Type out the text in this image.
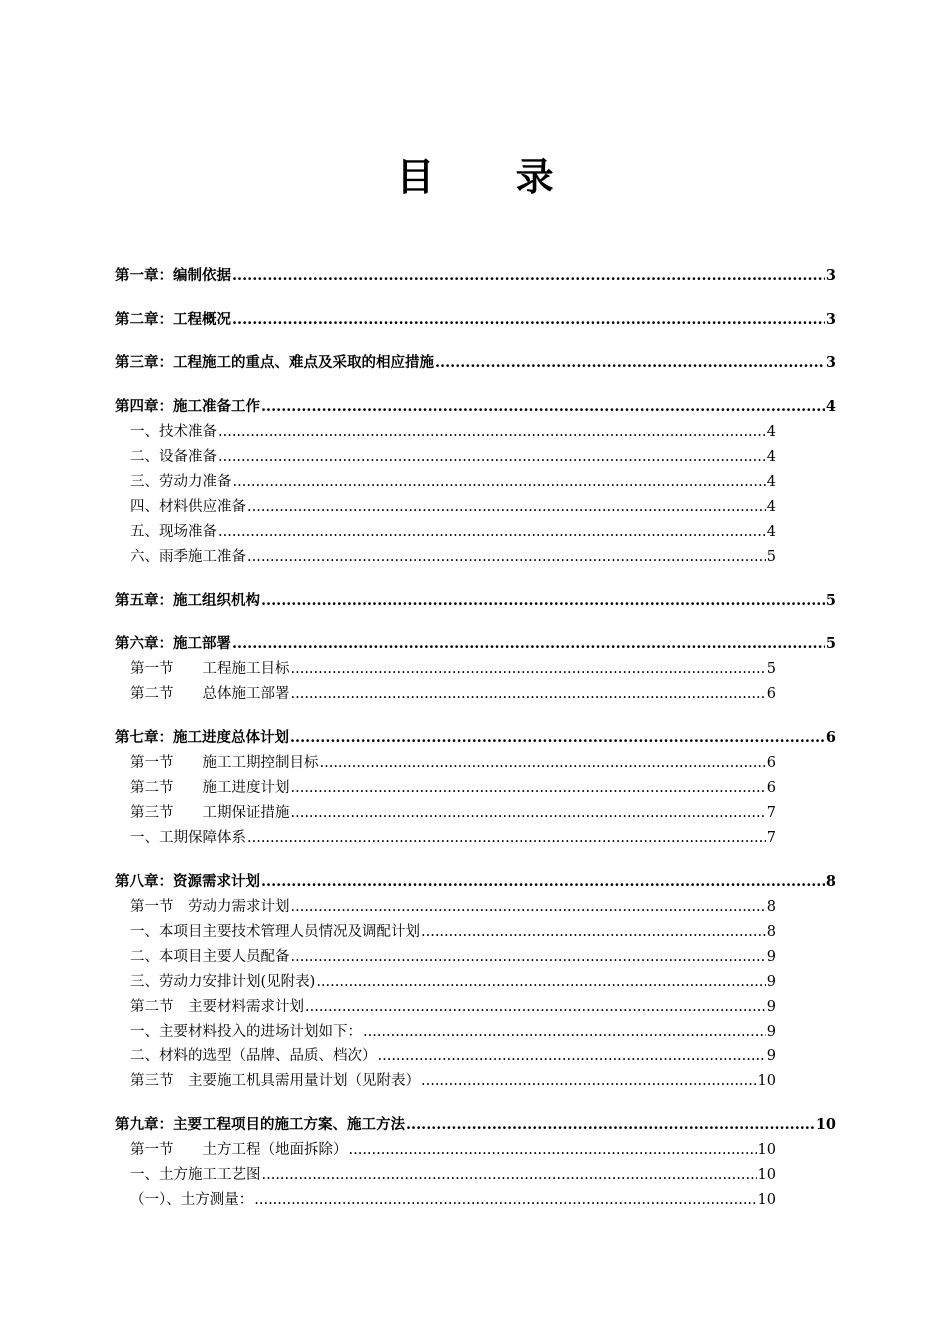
目 录
第一章：编制依据 .....	3
第二章：工程概况 .....	3
第三章：工程施工的重点、难点及采取的相应措施 .....	3
第四章：施工准备工作 .....	4
一、技术准备 .....	4
二、设备准备 .....	4
三、劳动力准备 .....	4
四、材料供应准备 .....	4
五、现场准备 .....	4
六、雨季施工准备 .....	5
第五章：施工组织机构 .....	5
第六章：施工部署 .....	5
第一节　　工程施工目标 .....	5
第二节　　总体施工部署 .....	6
第七章：施工进度总体计划 .....	6
第一节　　施工工期控制目标 .....	6
第二节　　施工进度计划 .....	6
第三节　　工期保证措施 .....	7
一、工期保障体系 .....	7
第八章：资源需求计划 .....	8
第一节　劳动力需求计划 .....	8
一、本项目主要技术管理人员情况及调配计划 .....	8
二、本项目主要人员配备 .....	9
三、劳动力安排计划(见附表) .....	9
第二节　主要材料需求计划 .....	9
一、主要材料投入的进场计划如下： .....	9
二、材料的选型（品牌、品质、档次） .....	9
第三节　主要施工机具需用量计划（见附表） .....	10
第九章：主要工程项目的施工方案、施工方法 .....	10
第一节　　土方工程（地面拆除） .....	10
一、土方施工工艺图 .....	10
（一）、土方测量： .....	10
